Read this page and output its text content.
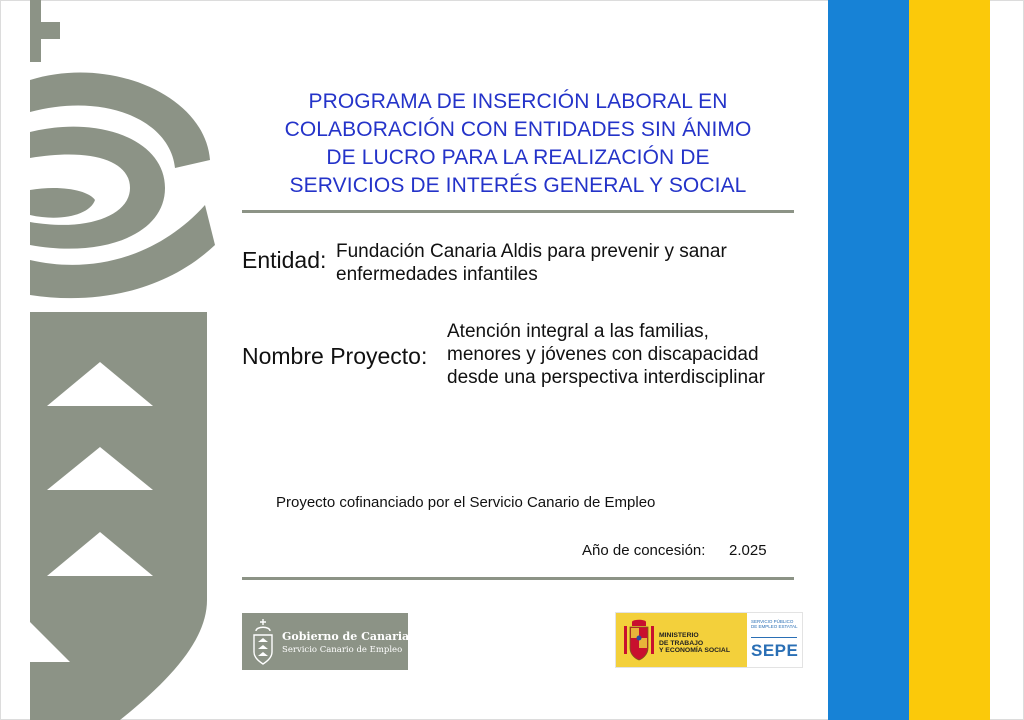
PROGRAMA DE INSERCIÓN LABORAL EN
COLABORACIÓN CON ENTIDADES SIN ÁNIMO
DE LUCRO PARA LA REALIZACIÓN DE
SERVICIOS DE INTERÉS GENERAL Y SOCIAL
Entidad: Fundación Canaria Aldis para prevenir y sanar
enfermedades infantiles
Nombre Proyecto:
Atención integral a las familias,
menores y jóvenes con discapacidad
desde una perspectiva interdisciplinar
Proyecto cofinanciado por el Servicio Canario de Empleo
Año de concesión: 2.025
Gobierno de Canarias
Servicio Canario de Empleo
MINISTERIO
DE TRABAJO
Y ECONOMÍA SOCIAL
SERVICIO PÚBLICO
DE EMPLEO ESTATAL
SEPE
